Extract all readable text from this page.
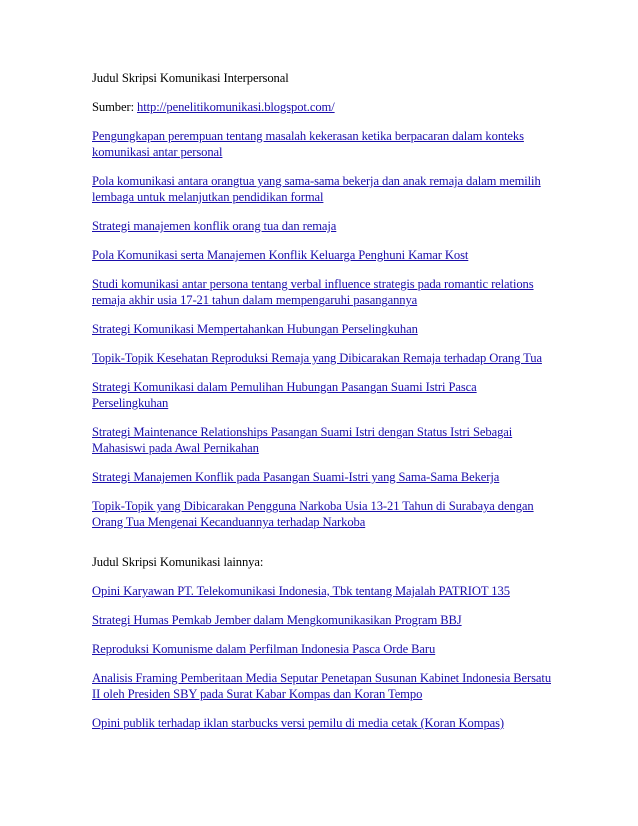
Judul Skripsi Komunikasi Interpersonal

Sumber: http://penelitikomunikasi.blogspot.com/

Pengungkapan perempuan tentang masalah kekerasan ketika berpacaran dalam konteks komunikasi antar personal
Pola komunikasi antara orangtua yang sama-sama bekerja dan anak remaja dalam memilih lembaga untuk melanjutkan pendidikan formal
Strategi manajemen konflik orang tua dan remaja
Pola Komunikasi serta Manajemen Konflik Keluarga Penghuni Kamar Kost
Studi komunikasi antar persona tentang verbal influence strategis pada romantic relations remaja akhir usia 17-21 tahun dalam mempengaruhi pasangannya
Strategi Komunikasi Mempertahankan Hubungan Perselingkuhan
Topik-Topik Kesehatan Reproduksi Remaja yang Dibicarakan Remaja terhadap Orang Tua
Strategi Komunikasi dalam Pemulihan Hubungan Pasangan Suami Istri Pasca Perselingkuhan
Strategi Maintenance Relationships Pasangan Suami Istri dengan Status Istri Sebagai Mahasiswi pada Awal Pernikahan
Strategi Manajemen Konflik pada Pasangan Suami-Istri yang Sama-Sama Bekerja
Topik-Topik yang Dibicarakan Pengguna Narkoba Usia 13-21 Tahun di Surabaya dengan Orang Tua Mengenai Kecanduannya terhadap Narkoba

Judul Skripsi Komunikasi lainnya:

Opini Karyawan PT. Telekomunikasi Indonesia, Tbk tentang Majalah PATRIOT 135
Strategi Humas Pemkab Jember dalam Mengkomunikasikan Program BBJ
Reproduksi Komunisme dalam Perfilman Indonesia Pasca Orde Baru
Analisis Framing Pemberitaan Media Seputar Penetapan Susunan Kabinet Indonesia Bersatu II oleh Presiden SBY pada Surat Kabar Kompas dan Koran Tempo
Opini publik terhadap iklan starbucks versi pemilu di media cetak (Koran Kompas)
